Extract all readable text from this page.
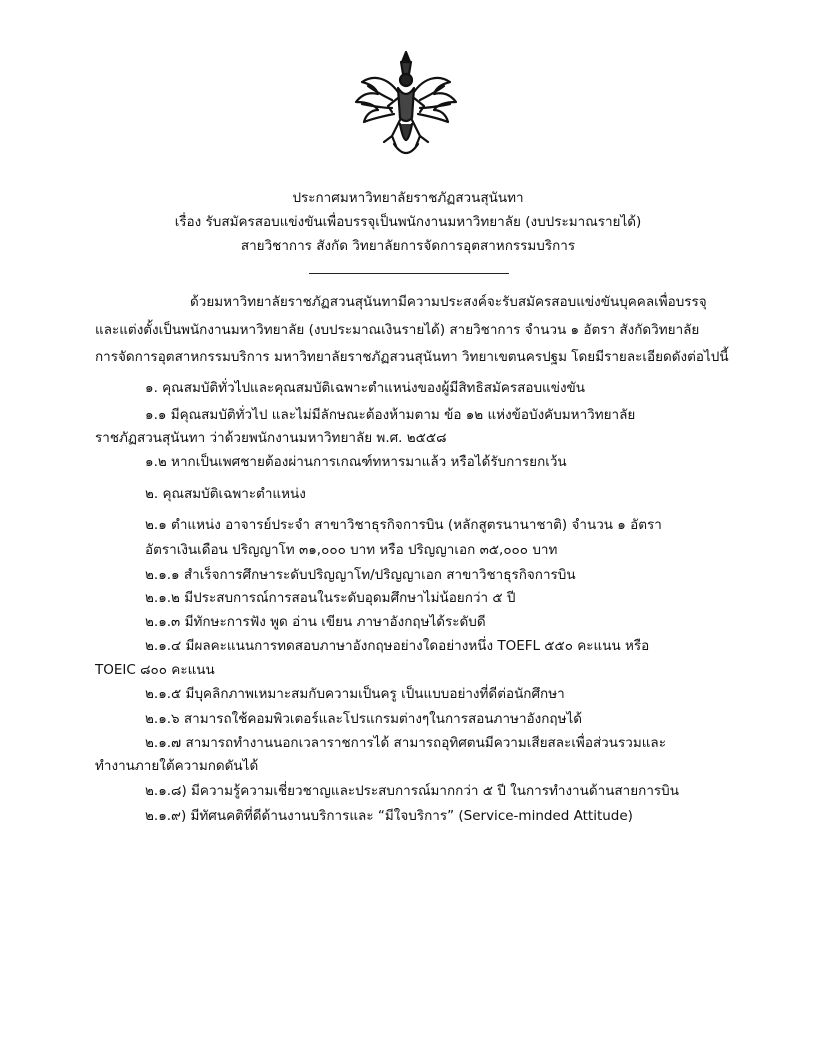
ประกาศมหาวิทยาลัยราชภัฏสวนสุนันทา
เรื่อง รับสมัครสอบแข่งขันเพื่อบรรจุเป็นพนักงานมหาวิทยาลัย (งบประมาณรายได้)
สายวิชาการ สังกัด วิทยาลัยการจัดการอุตสาหกรรมบริการ
ด้วยมหาวิทยาลัยราชภัฏสวนสุนันทามีความประสงค์จะรับสมัครสอบแข่งขันบุคคลเพื่อบรรจุ
และแต่งตั้งเป็นพนักงานมหาวิทยาลัย (งบประมาณเงินรายได้) สายวิชาการ จำนวน ๑ อัตรา สังกัดวิทยาลัย
การจัดการอุตสาหกรรมบริการ มหาวิทยาลัยราชภัฏสวนสุนันทา วิทยาเขตนครปฐม โดยมีรายละเอียดดังต่อไปนี้
๑. คุณสมบัติทั่วไปและคุณสมบัติเฉพาะตำแหน่งของผู้มีสิทธิสมัครสอบแข่งขัน
๑.๑ มีคุณสมบัติทั่วไป และไม่มีลักษณะต้องห้ามตาม ข้อ ๑๒ แห่งข้อบังคับมหาวิทยาลัย
ราชภัฏสวนสุนันทา ว่าด้วยพนักงานมหาวิทยาลัย พ.ศ. ๒๕๕๘
๑.๒ หากเป็นเพศชายต้องผ่านการเกณฑ์ทหารมาแล้ว หรือได้รับการยกเว้น
๒. คุณสมบัติเฉพาะตำแหน่ง
๒.๑ ตำแหน่ง อาจารย์ประจำ สาขาวิชาธุรกิจการบิน (หลักสูตรนานาชาติ) จำนวน ๑ อัตรา
อัตราเงินเดือน ปริญญาโท ๓๑,๐๐๐ บาท หรือ ปริญญาเอก ๓๕,๐๐๐ บาท
๒.๑.๑ สำเร็จการศึกษาระดับปริญญาโท/ปริญญาเอก สาขาวิชาธุรกิจการบิน
๒.๑.๒ มีประสบการณ์การสอนในระดับอุดมศึกษาไม่น้อยกว่า ๕ ปี
๒.๑.๓ มีทักษะการฟัง พูด อ่าน เขียน ภาษาอังกฤษได้ระดับดี
๒.๑.๔ มีผลคะแนนการทดสอบภาษาอังกฤษอย่างใดอย่างหนึ่ง TOEFL ๕๕๐ คะแนน หรือ
TOEIC ๘๐๐ คะแนน
๒.๑.๕ มีบุคลิกภาพเหมาะสมกับความเป็นครู เป็นแบบอย่างที่ดีต่อนักศึกษา
๒.๑.๖ สามารถใช้คอมพิวเตอร์และโปรแกรมต่างๆในการสอนภาษาอังกฤษได้
๒.๑.๗ สามารถทำงานนอกเวลาราชการได้ สามารถอุทิศตนมีความเสียสละเพื่อส่วนรวมและ
ทำงานภายใต้ความกดดันได้
๒.๑.๘) มีความรู้ความเชี่ยวชาญและประสบการณ์มากกว่า ๕ ปี ในการทำงานด้านสายการบิน
๒.๑.๙) มีทัศนคติที่ดีด้านงานบริการและ “มีใจบริการ” (Service-minded Attitude)
